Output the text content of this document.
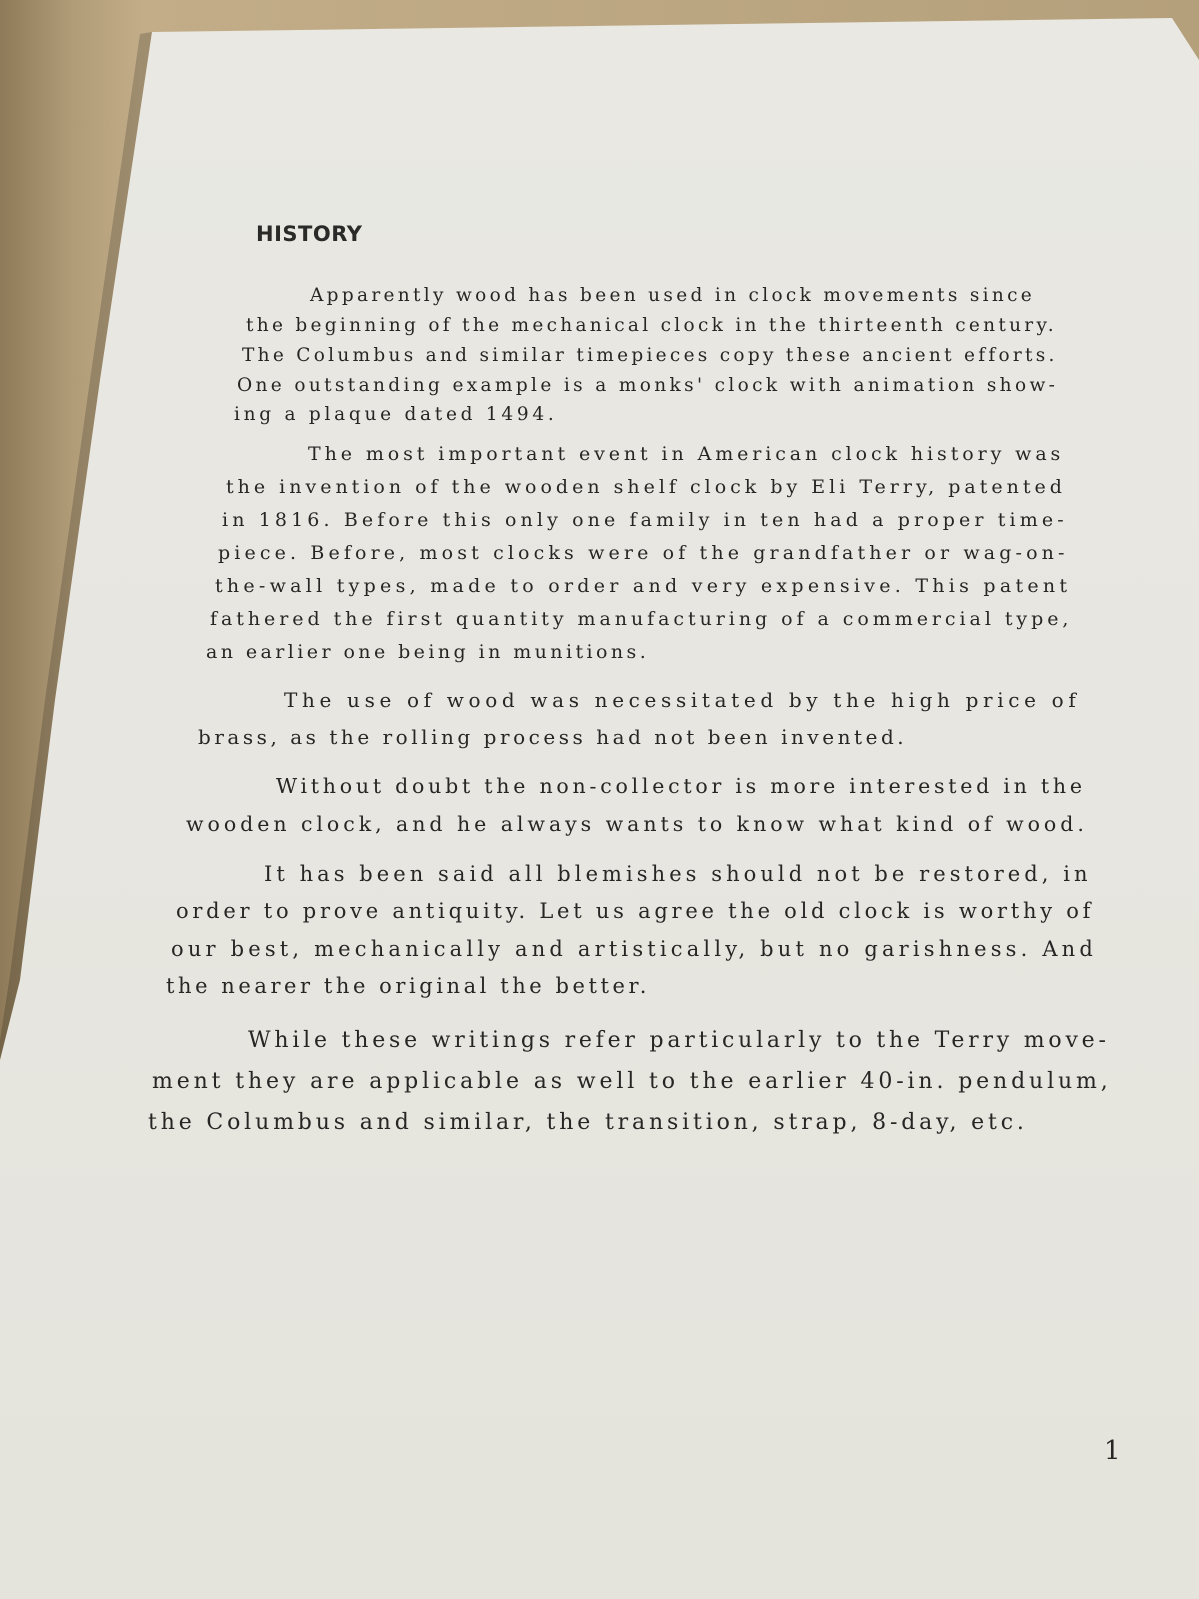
HISTORY
Apparently wood has been used in clock movements since
the beginning of the mechanical clock in the thirteenth century.
The Columbus and similar timepieces copy these ancient efforts.
One outstanding example is a monks' clock with animation show-
ing a plaque dated 1494.
The most important event in American clock history was
the invention of the wooden shelf clock by Eli Terry, patented
in 1816. Before this only one family in ten had a proper time-
piece. Before, most clocks were of the grandfather or wag-on-
the-wall types, made to order and very expensive. This patent
fathered the first quantity manufacturing of a commercial type,
an earlier one being in munitions.
The use of wood was necessitated by the high price of
brass, as the rolling process had not been invented.
Without doubt the non-collector is more interested in the
wooden clock, and he always wants to know what kind of wood.
It has been said all blemishes should not be restored, in
order to prove antiquity. Let us agree the old clock is worthy of
our best, mechanically and artistically, but no garishness. And
the nearer the original the better.
While these writings refer particularly to the Terry move-
ment they are applicable as well to the earlier 40-in. pendulum,
the Columbus and similar, the transition, strap, 8-day, etc.
1
